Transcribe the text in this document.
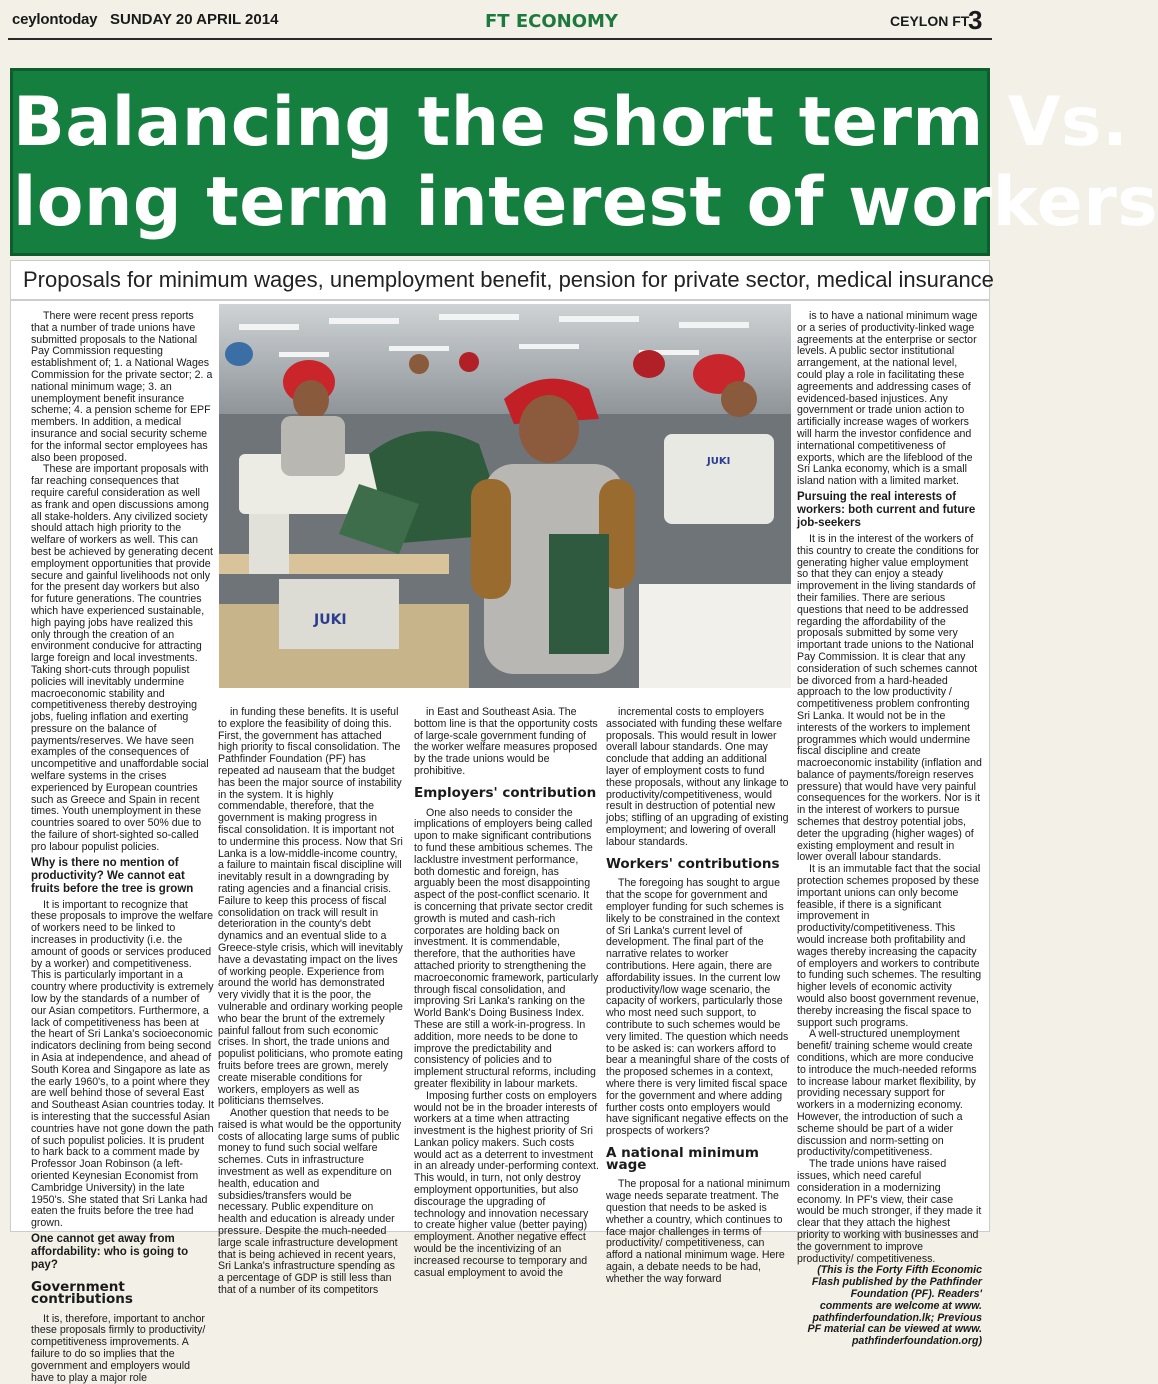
ceylontoday SUNDAY 20 APRIL 2014	FT ECONOMY	CEYLON FT
3
Balancing the short term Vs.
long term interest of workers
Proposals for minimum wages, unemployment benefit, pension for private sector, medical insurance

There were recent press reports that a number of trade unions have submitted proposals to the National Pay Commission requesting establishment of; 1. a National Wages Commission for the private sector; 2. a national minimum wage; 3. an unemployment benefit insurance scheme; 4. a pension scheme for EPF members. In addition, a medical insurance and social security scheme for the informal sector employees has also been proposed.

These are important proposals with far reaching consequences that require careful consideration as well as frank and open discussions among all stake-holders. Any civilized society should attach high priority to the welfare of workers as well. This can best be achieved by generating decent employment opportunities that provide secure and gainful livelihoods not only for the present day workers but also for future generations. The countries which have experienced sustainable, high paying jobs have realized this only through the creation of an environment conducive for attracting large foreign and local investments. Taking short-cuts through populist policies will inevitably undermine macroeconomic stability and competitiveness thereby destroying jobs, fueling inflation and exerting pressure on the balance of payments/reserves. We have seen examples of the consequences of uncompetitive and unaffordable social welfare systems in the crises experienced by European countries such as Greece and Spain in recent times. Youth unemployment in these countries soared to over 50% due to the failure of short-sighted so-called pro labour populist policies.

Why is there no mention of productivity? We cannot eat fruits before the tree is grown

It is important to recognize that these proposals to improve the welfare of workers need to be linked to increases in productivity (i.e. the amount of goods or services produced by a worker) and competitiveness. This is particularly important in a country where productivity is extremely low by the standards of a number of our Asian competitors. Furthermore, a lack of competitiveness has been at the heart of Sri Lanka's socioeconomic indicators declining from being second in Asia at independence, and ahead of South Korea and Singapore as late as the early 1960's, to a point where they are well behind those of several East and Southeast Asian countries today. It is interesting that the successful Asian countries have not gone down the path of such populist policies. It is prudent to hark back to a comment made by Professor Joan Robinson (a left-oriented Keynesian Economist from Cambridge University) in the late 1950's. She stated that Sri Lanka had eaten the fruits before the tree had grown.

One cannot get away from affordability: who is going to pay?
Government contributions

It is, therefore, important to anchor these proposals firmly to productivity/ competitiveness improvements. A failure to do so implies that the government and employers would have to play a major role

JUKI
JUKI

in funding these benefits. It is useful to explore the feasibility of doing this. First, the government has attached high priority to fiscal consolidation. The Pathfinder Foundation (PF) has repeated ad nauseam that the budget has been the major source of instability in the system. It is highly commendable, therefore, that the government is making progress in fiscal consolidation. It is important not to undermine this process. Now that Sri Lanka is a low-middle-income country, a failure to maintain fiscal discipline will inevitably result in a downgrading by rating agencies and a financial crisis. Failure to keep this process of fiscal consolidation on track will result in deterioration in the county's debt dynamics and an eventual slide to a Greece-style crisis, which will inevitably have a devastating impact on the lives of working people. Experience from around the world has demonstrated very vividly that it is the poor, the vulnerable and ordinary working people who bear the brunt of the extremely painful fallout from such economic crises. In short, the trade unions and populist politicians, who promote eating fruits before trees are grown, merely create miserable conditions for workers, employers as well as politicians themselves.

Another question that needs to be raised is what would be the opportunity costs of allocating large sums of public money to fund such social welfare schemes. Cuts in infrastructure investment as well as expenditure on health, education and subsidies/transfers would be necessary. Public expenditure on health and education is already under pressure. Despite the much-needed large scale infrastructure development that is being achieved in recent years, Sri Lanka's infrastructure spending as a percentage of GDP is still less than that of a number of its competitors

in East and Southeast Asia. The bottom line is that the opportunity costs of large-scale government funding of the worker welfare measures proposed by the trade unions would be prohibitive.

Employers' contribution

One also needs to consider the implications of employers being called upon to make significant contributions to fund these ambitious schemes. The lacklustre investment performance, both domestic and foreign, has arguably been the most disappointing aspect of the post-conflict scenario. It is concerning that private sector credit growth is muted and cash-rich corporates are holding back on investment. It is commendable, therefore, that the authorities have attached priority to strengthening the macroeconomic framework, particularly through fiscal consolidation, and improving Sri Lanka's ranking on the World Bank's Doing Business Index. These are still a work-in-progress. In addition, more needs to be done to improve the predictability and consistency of policies and to implement structural reforms, including greater flexibility in labour markets.

Imposing further costs on employers would not be in the broader interests of workers at a time when attracting investment is the highest priority of Sri Lankan policy makers. Such costs would act as a deterrent to investment in an already under-performing context. This would, in turn, not only destroy employment opportunities, but also discourage the upgrading of technology and innovation necessary to create higher value (better paying) employment. Another negative effect would be the incentivizing of an increased recourse to temporary and casual employment to avoid the

incremental costs to employers associated with funding these welfare proposals. This would result in lower overall labour standards. One may conclude that adding an additional layer of employment costs to fund these proposals, without any linkage to productivity/competitiveness, would result in destruction of potential new jobs; stifling of an upgrading of existing employment; and lowering of overall labour standards.

Workers' contributions

The foregoing has sought to argue that the scope for government and employer funding for such schemes is likely to be constrained in the context of Sri Lanka's current level of development. The final part of the narrative relates to worker contributions. Here again, there are affordability issues. In the current low productivity/low wage scenario, the capacity of workers, particularly those who most need such support, to contribute to such schemes would be very limited. The question which needs to be asked is: can workers afford to bear a meaningful share of the costs of the proposed schemes in a context, where there is very limited fiscal space for the government and where adding further costs onto employers would have significant negative effects on the prospects of workers?

A national minimum wage

The proposal for a national minimum wage needs separate treatment. The question that needs to be asked is whether a country, which continues to face major challenges in terms of productivity/ competitiveness, can afford a national minimum wage. Here again, a debate needs to be had, whether the way forward

is to have a national minimum wage or a series of productivity-linked wage agreements at the enterprise or sector levels. A public sector institutional arrangement, at the national level, could play a role in facilitating these agreements and addressing cases of evidenced-based injustices. Any government or trade union action to artificially increase wages of workers will harm the investor confidence and international competitiveness of exports, which are the lifeblood of the Sri Lanka economy, which is a small island nation with a limited market.

Pursuing the real interests of workers: both current and future job-seekers

It is in the interest of the workers of this country to create the conditions for generating higher value employment so that they can enjoy a steady improvement in the living standards of their families. There are serious questions that need to be addressed regarding the affordability of the proposals submitted by some very important trade unions to the National Pay Commission. It is clear that any consideration of such schemes cannot be divorced from a hard-headed approach to the low productivity / competitiveness problem confronting Sri Lanka. It would not be in the interests of the workers to implement programmes which would undermine fiscal discipline and create macroeconomic instability (inflation and balance of payments/foreign reserves pressure) that would have very painful consequences for the workers. Nor is it in the interest of workers to pursue schemes that destroy potential jobs, deter the upgrading (higher wages) of existing employment and result in lower overall labour standards.

It is an immutable fact that the social protection schemes proposed by these important unions can only become feasible, if there is a significant improvement in productivity/competitiveness. This would increase both profitability and wages thereby increasing the capacity of employers and workers to contribute to funding such schemes. The resulting higher levels of economic activity would also boost government revenue, thereby increasing the fiscal space to support such programs.

A well-structured unemployment benefit/ training scheme would create conditions, which are more conducive to introduce the much-needed reforms to increase labour market flexibility, by providing necessary support for workers in a modernizing economy. However, the introduction of such a scheme should be part of a wider discussion and norm-setting on productivity/competitiveness.

The trade unions have raised issues, which need careful consideration in a modernizing economy. In PF's view, their case would be much stronger, if they made it clear that they attach the highest priority to working with businesses and the government to improve productivity/ competitiveness.

(This is the Forty Fifth Economic Flash published by the Pathfinder Foundation (PF). Readers' comments are welcome at www. pathfinderfoundation.lk; Previous PF material can be viewed at www. pathfinderfoundation.org)
